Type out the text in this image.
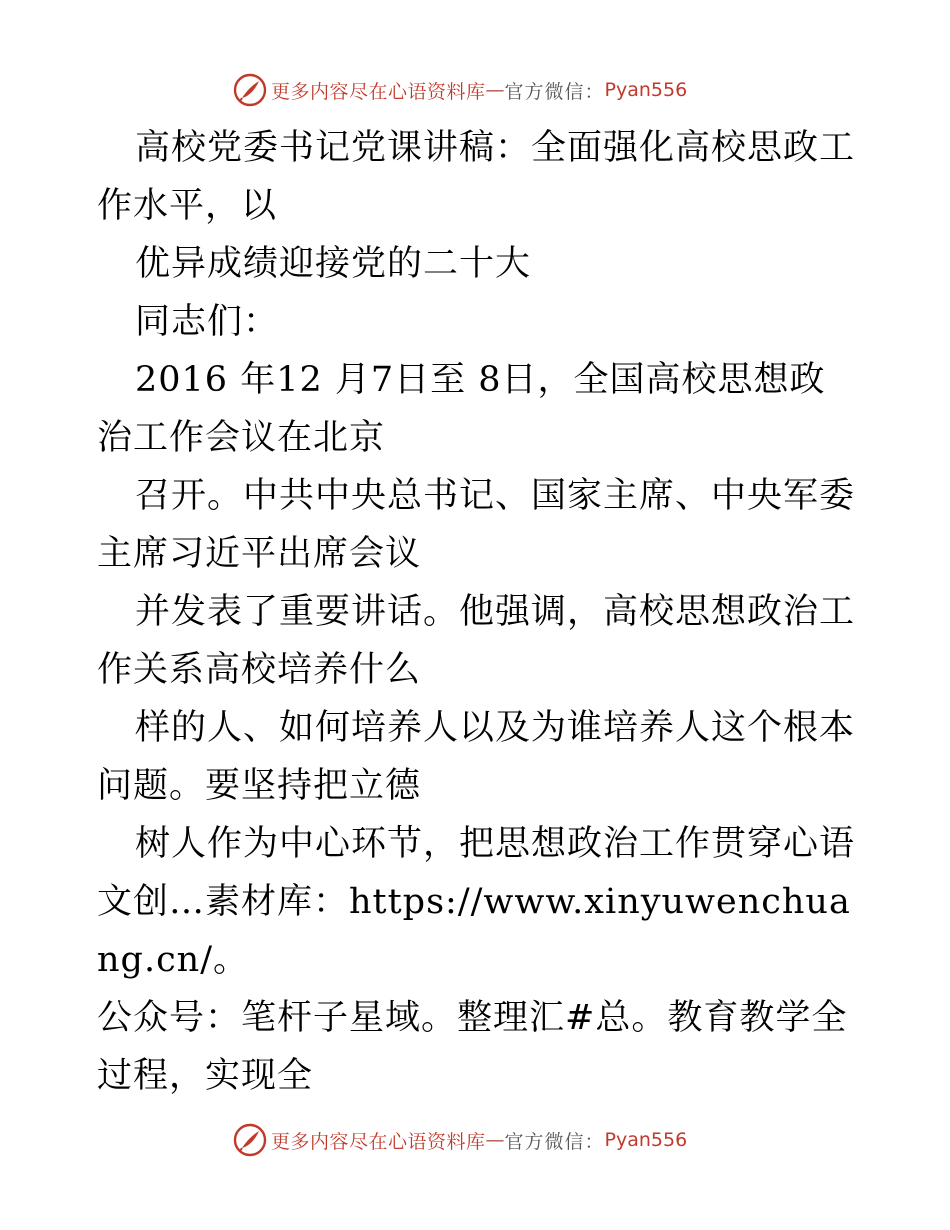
更多内容尽在心语资料库 — 官方微信： Pyan556

高校党委书记党课讲稿：全面强化高校思政工作水平，以

优异成绩迎接党的二十大

同志们：

2016 年12 月7日至 8日，全国高校思想政治工作会议在北京

召开。中共中央总书记、国家主席、中央军委主席习近平出席会议

并发表了重要讲话。他强调，高校思想政治工作关系高校培养什么

样的人、如何培养人以及为谁培养人这个根本问题。要坚持把立德

树人作为中心环节，把思想政治工作贯穿心语文创…素材库：https://www.xinyuwenchuang.cn/。

公众号：笔杆子星域。整理汇#总。教育教学全过程，实现全

更多内容尽在心语资料库 — 官方微信： Pyan556
